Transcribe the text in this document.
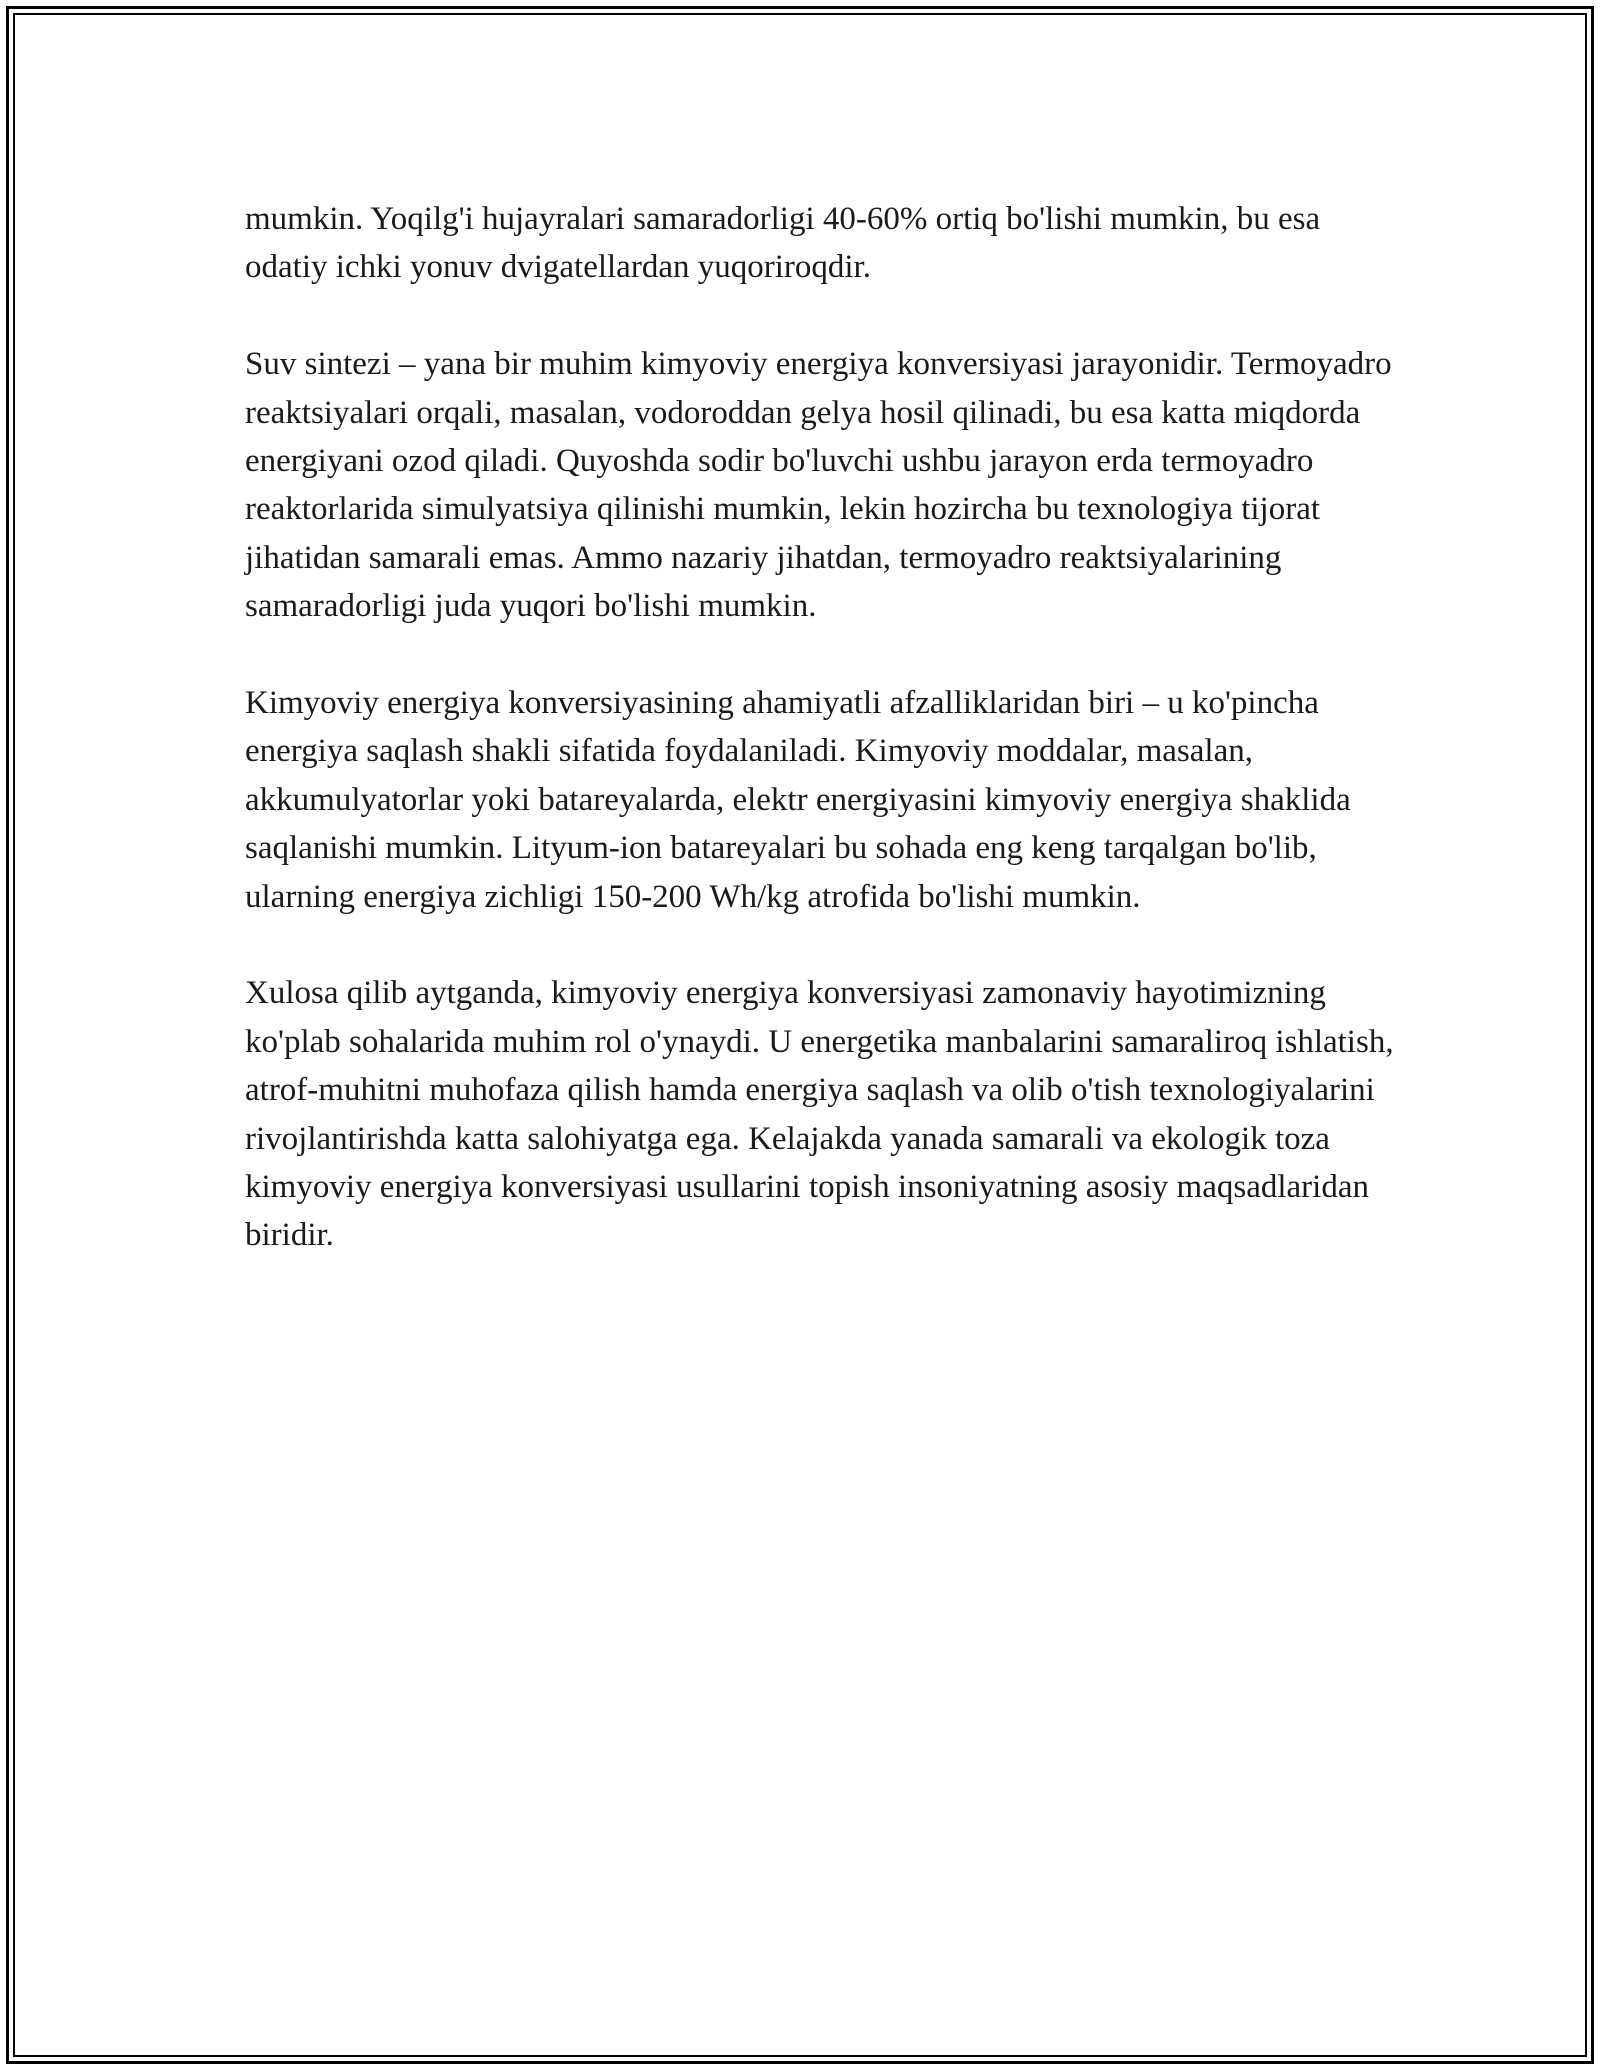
mumkin. Yoqilg'i hujayralari samaradorligi 40-60% ortiq bo'lishi mumkin, bu esa odatiy ichki yonuv dvigatellardan yuqoriroqdir.

Suv sintezi – yana bir muhim kimyoviy energiya konversiyasi jarayonidir. Termoyadro reaktsiyalari orqali, masalan, vodoroddan gelya hosil qilinadi, bu esa katta miqdorda energiyani ozod qiladi. Quyoshda sodir bo'luvchi ushbu jarayon erda termoyadro reaktorlarida simulyatsiya qilinishi mumkin, lekin hozircha bu texnologiya tijorat jihatidan samarali emas. Ammo nazariy jihatdan, termoyadro reaktsiyalarining samaradorligi juda yuqori bo'lishi mumkin.

Kimyoviy energiya konversiyasining ahamiyatli afzalliklaridan biri – u ko'pincha energiya saqlash shakli sifatida foydalaniladi. Kimyoviy moddalar, masalan, akkumulyatorlar yoki batareyalarda, elektr energiyasini kimyoviy energiya shaklida saqlanishi mumkin. Lityum-ion batareyalari bu sohada eng keng tarqalgan bo'lib, ularning energiya zichligi 150-200 Wh/kg atrofida bo'lishi mumkin.

Xulosa qilib aytganda, kimyoviy energiya konversiyasi zamonaviy hayotimizning ko'plab sohalarida muhim rol o'ynaydi. U energetika manbalarini samaraliroq ishlatish, atrof-muhitni muhofaza qilish hamda energiya saqlash va olib o'tish texnologiyalarini rivojlantirishda katta salohiyatga ega. Kelajakda yanada samarali va ekologik toza kimyoviy energiya konversiyasi usullarini topish insoniyatning asosiy maqsadlaridan biridir.
